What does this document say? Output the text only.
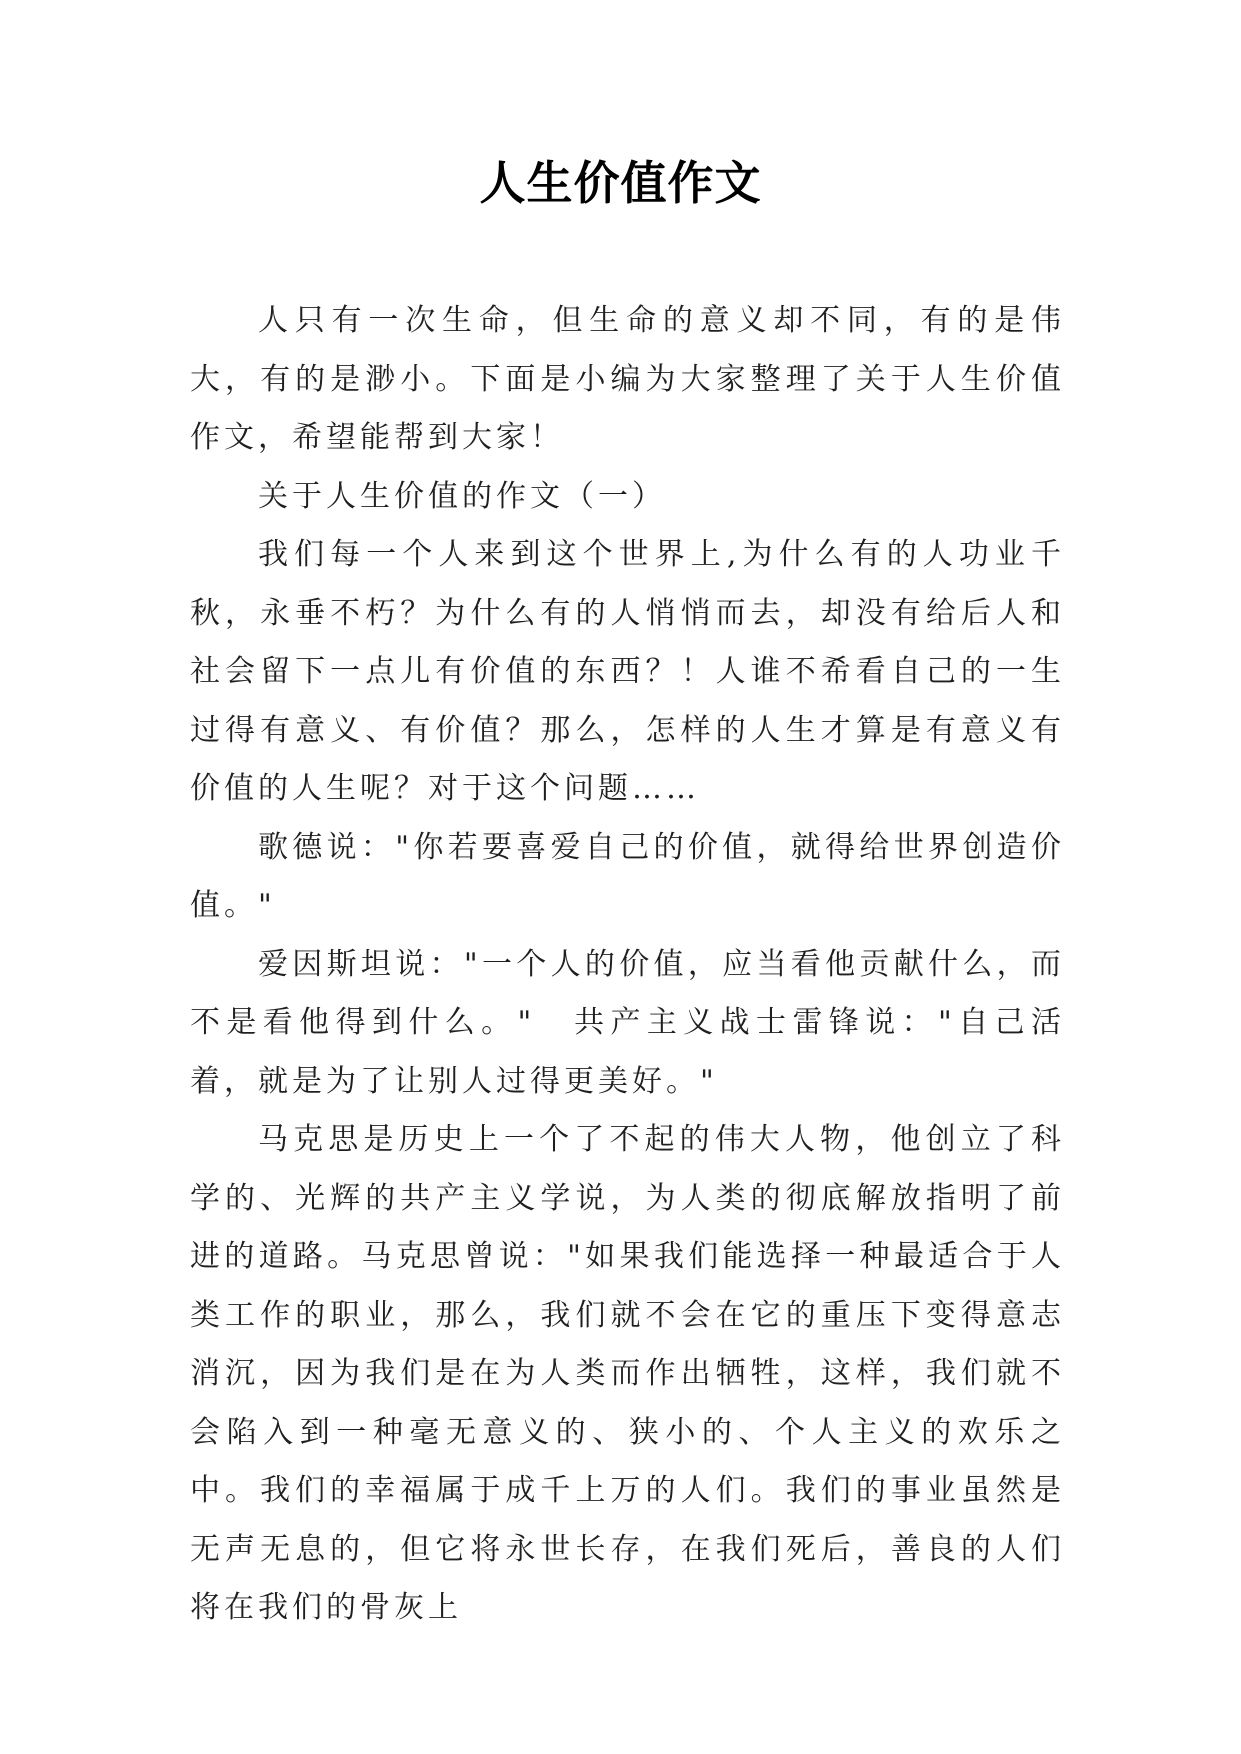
人生价值作文

人只有一次生命，但生命的意义却不同，有的是伟大，有的是渺小。下面是小编为大家整理了关于人生价值作文，希望能帮到大家！

关于人生价值的作文（一）

我们每一个人来到这个世界上,为什么有的人功业千秋，永垂不朽？为什么有的人悄悄而去，却没有给后人和社会留下一点儿有价值的东西？！人谁不希看自己的一生过得有意义、有价值？那么，怎样的人生才算是有意义有价值的人生呢？对于这个问题……

歌德说："你若要喜爱自己的价值，就得给世界创造价值。"

爱因斯坦说："一个人的价值，应当看他贡献什么，而不是看他得到什么。"　共产主义战士雷锋说："自己活着，就是为了让别人过得更美好。"

马克思是历史上一个了不起的伟大人物，他创立了科学的、光辉的共产主义学说，为人类的彻底解放指明了前进的道路。马克思曾说："如果我们能选择一种最适合于人类工作的职业，那么，我们就不会在它的重压下变得意志消沉，因为我们是在为人类而作出牺牲，这样，我们就不会陷入到一种毫无意义的、狭小的、个人主义的欢乐之中。我们的幸福属于成千上万的人们。我们的事业虽然是无声无息的，但它将永世长存，在我们死后，善良的人们将在我们的骨灰上
